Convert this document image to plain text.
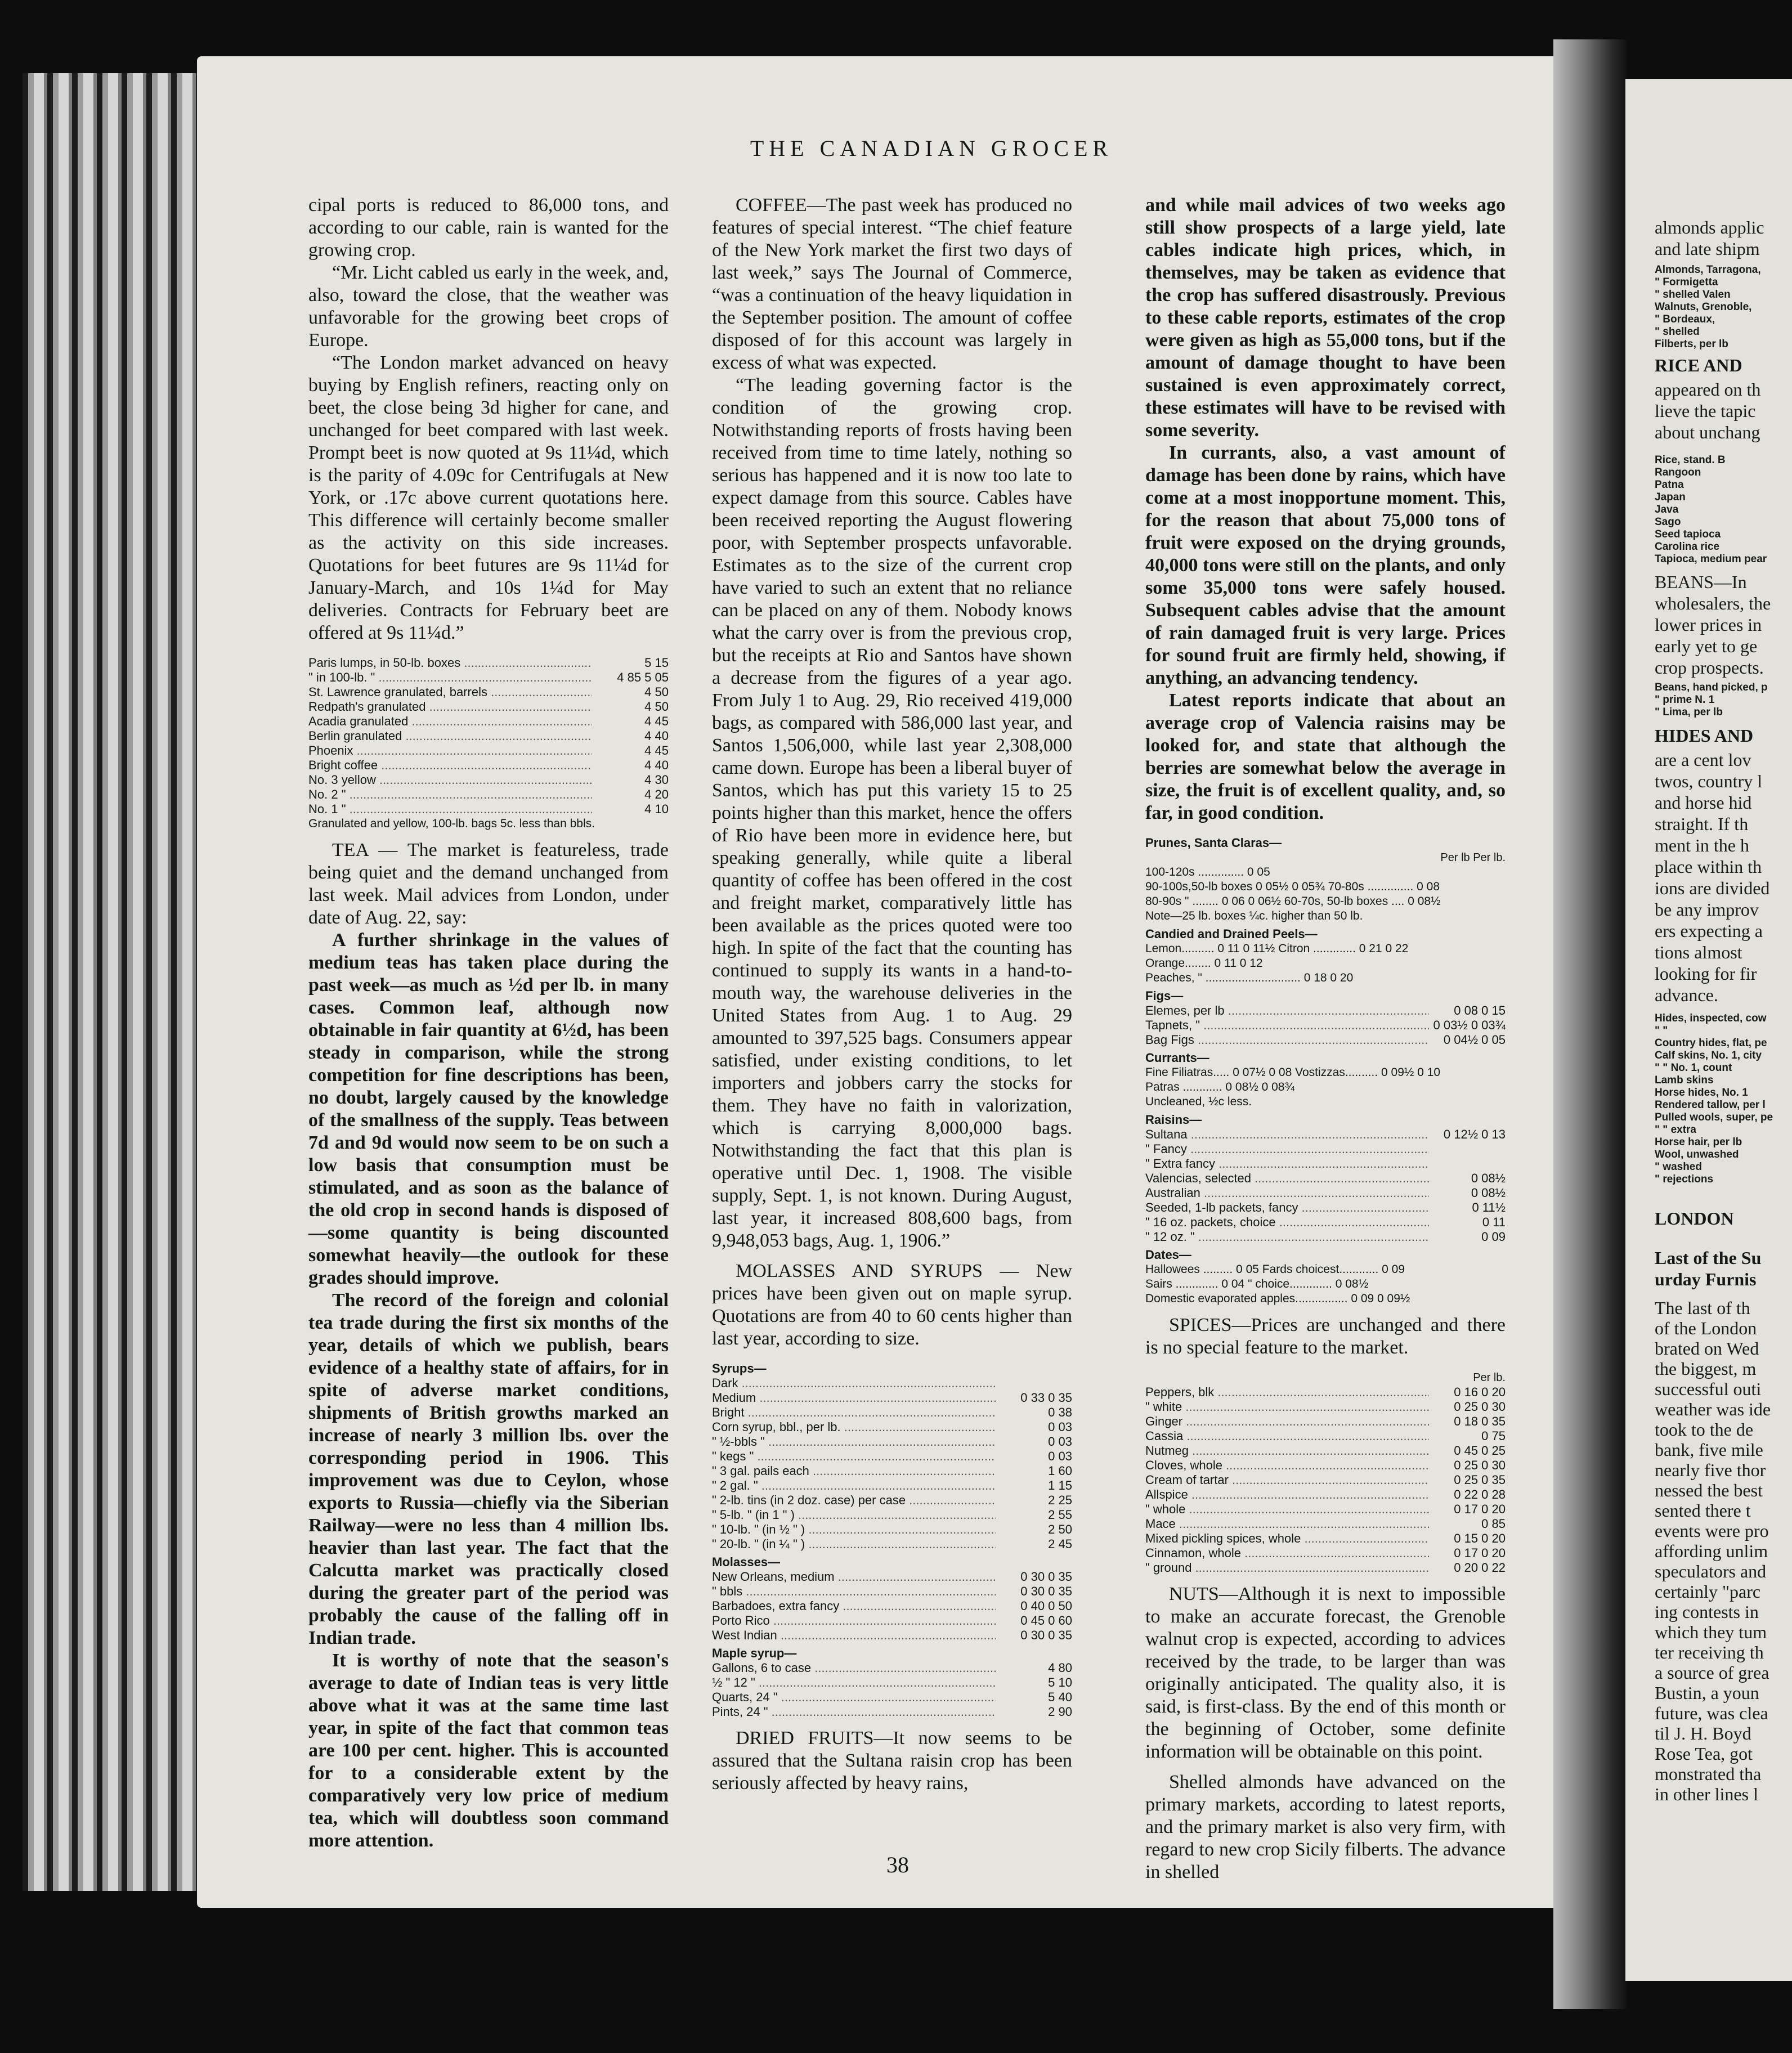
THE CANADIAN GROCER

cipal ports is reduced to 86,000 tons, and according to our cable, rain is wanted for the growing crop.

“Mr. Licht cabled us early in the week, and, also, toward the close, that the weather was unfavorable for the growing beet crops of Europe.

“The London market advanced on heavy buying by English refiners, reacting only on beet, the close being 3d higher for cane, and unchanged for beet compared with last week. Prompt beet is now quoted at 9s 11¼d, which is the parity of 4.09c for Centrifugals at New York, or .17c above current quotations here. This difference will certainly become smaller as the activity on this side increases. Quotations for beet futures are 9s 11¼d for January-March, and 10s 1¼d for May deliveries. Contracts for February beet are offered at 9s 11¼d.”

Paris lumps, in 50-lb. boxes .....	5 15
" in 100-lb. " .....	4 85 5 05
St. Lawrence granulated, barrels .....	4 50
Redpath's granulated .....	4 50
Acadia granulated .....	4 45
Berlin granulated .....	4 40
Phoenix .....	4 45
Bright coffee .....	4 40
No. 3 yellow .....	4 30
No. 2 " .....	4 20
No. 1 " .....	4 10
Granulated and yellow, 100-lb. bags 5c. less than bbls.

TEA — The market is featureless, trade being quiet and the demand unchanged from last week. Mail advices from London, under date of Aug. 22, say:

A further shrinkage in the values of medium teas has taken place during the past week—as much as ½d per lb. in many cases. Common leaf, although now obtainable in fair quantity at 6½d, has been steady in comparison, while the strong competition for fine descriptions has been, no doubt, largely caused by the knowledge of the smallness of the supply. Teas between 7d and 9d would now seem to be on such a low basis that consumption must be stimulated, and as soon as the balance of the old crop in second hands is disposed of—some quantity is being discounted somewhat heavily—the outlook for these grades should improve.

The record of the foreign and colonial tea trade during the first six months of the year, details of which we publish, bears evidence of a healthy state of affairs, for in spite of adverse market conditions, shipments of British growths marked an increase of nearly 3 million lbs. over the corresponding period in 1906. This improvement was due to Ceylon, whose exports to Russia—chiefly via the Siberian Railway—were no less than 4 million lbs. heavier than last year. The fact that the Calcutta market was practically closed during the greater part of the period was probably the cause of the falling off in Indian trade.

It is worthy of note that the season's average to date of Indian teas is very little above what it was at the same time last year, in spite of the fact that common teas are 100 per cent. higher. This is accounted for to a considerable extent by the comparatively very low price of medium tea, which will doubtless soon command more attention.

COFFEE—The past week has produced no features of special interest. “The chief feature of the New York market the first two days of last week,” says The Journal of Commerce, “was a continuation of the heavy liquidation in the September position. The amount of coffee disposed of for this account was largely in excess of what was expected.

“The leading governing factor is the condition of the growing crop. Notwithstanding reports of frosts having been received from time to time lately, nothing so serious has happened and it is now too late to expect damage from this source. Cables have been received reporting the August flowering poor, with September prospects unfavorable. Estimates as to the size of the current crop have varied to such an extent that no reliance can be placed on any of them. Nobody knows what the carry over is from the previous crop, but the receipts at Rio and Santos have shown a decrease from the figures of a year ago. From July 1 to Aug. 29, Rio received 419,000 bags, as compared with 586,000 last year, and Santos 1,506,000, while last year 2,308,000 came down. Europe has been a liberal buyer of Santos, which has put this variety 15 to 25 points higher than this market, hence the offers of Rio have been more in evidence here, but speaking generally, while quite a liberal quantity of coffee has been offered in the cost and freight market, comparatively little has been available as the prices quoted were too high. In spite of the fact that the counting has continued to supply its wants in a hand-to-mouth way, the warehouse deliveries in the United States from Aug. 1 to Aug. 29 amounted to 397,525 bags. Consumers appear satisfied, under existing conditions, to let importers and jobbers carry the stocks for them. They have no faith in valorization, which is carrying 8,000,000 bags. Notwithstanding the fact that this plan is operative until Dec. 1, 1908. The visible supply, Sept. 1, is not known. During August, last year, it increased 808,600 bags, from 9,948,053 bags, Aug. 1, 1906.”

MOLASSES AND SYRUPS — New prices have been given out on maple syrup. Quotations are from 40 to 60 cents higher than last year, according to size.

Syrups—
Dark .....
Medium .....	0 33 0 35
Bright .....	0 38
Corn syrup, bbl., per lb. .....	0 03
" ½-bbls " .....	0 03
" kegs " .....	0 03
" 3 gal. pails each .....	1 60
" 2 gal. " .....	1 15
" 2-lb. tins (in 2 doz. case) per case .....	2 25
" 5-lb. " (in 1 " ) .....	2 55
" 10-lb. " (in ½ " ) .....	2 50
" 20-lb. " (in ¼ " ) .....	2 45
Molasses—
New Orleans, medium .....	0 30 0 35
" bbls .....	0 30 0 35
Barbadoes, extra fancy .....	0 40 0 50
Porto Rico .....	0 45 0 60
West Indian .....	0 30 0 35
Maple syrup—
Gallons, 6 to case .....	4 80
½ " 12 " .....	5 10
Quarts, 24 " .....	5 40
Pints, 24 " .....	2 90

DRIED FRUITS—It now seems to be assured that the Sultana raisin crop has been seriously affected by heavy rains,

and while mail advices of two weeks ago still show prospects of a large yield, late cables indicate high prices, which, in themselves, may be taken as evidence that the crop has suffered disastrously. Previous to these cable reports, estimates of the crop were given as high as 55,000 tons, but if the amount of damage thought to have been sustained is even approximately correct, these estimates will have to be revised with some severity.

In currants, also, a vast amount of damage has been done by rains, which have come at a most inopportune moment. This, for the reason that about 75,000 tons of fruit were exposed on the drying grounds, 40,000 tons were still on the plants, and only some 35,000 tons were safely housed. Subsequent cables advise that the amount of rain damaged fruit is very large. Prices for sound fruit are firmly held, showing, if anything, an advancing tendency.

Latest reports indicate that about an average crop of Valencia raisins may be looked for, and state that although the berries are somewhat below the average in size, the fruit is of excellent quality, and, so far, in good condition.

Prunes, Santa Claras—
Per lb Per lb.
100-120s .............. 0 05
90-100s,50-lb boxes 0 05½ 0 05¾ 70-80s .............. 0 08
80-90s " ........ 0 06 0 06½ 60-70s, 50-lb boxes .... 0 08½
Note—25 lb. boxes ¼c. higher than 50 lb.
Candied and Drained Peels—
Lemon.......... 0 11 0 11½ Citron ............. 0 21 0 22
Orange........ 0 11 0 12
Peaches, " ............................. 0 18 0 20
Figs—
Elemes, per lb .....	0 08 0 15
Tapnets, " .....	0 03½ 0 03¾
Bag Figs .....	0 04½ 0 05
Currants—
Fine Filiatras..... 0 07½ 0 08 Vostizzas.......... 0 09½ 0 10
Patras ............ 0 08½ 0 08¾
Uncleaned, ½c less.
Raisins—
Sultana .....	0 12½ 0 13
" Fancy .....
" Extra fancy .....
Valencias, selected .....	0 08½
Australian .....	0 08½
Seeded, 1-lb packets, fancy .....	0 11½
" 16 oz. packets, choice .....	0 11
" 12 oz. " .....	0 09
Dates—
Hallowees ......... 0 05 Fards choicest............ 0 09
Sairs ............. 0 04 " choice............. 0 08½
Domestic evaporated apples................ 0 09 0 09½

SPICES—Prices are unchanged and there is no special feature to the market.

Per lb.
Peppers, blk .....	0 16 0 20
" white .....	0 25 0 30
Ginger .....	0 18 0 35
Cassia .....	0 75
Nutmeg .....	0 45 0 25
Cloves, whole .....	0 25 0 30
Cream of tartar .....	0 25 0 35
Allspice .....	0 22 0 28
" whole .....	0 17 0 20
Mace .....	0 85
Mixed pickling spices, whole .....	0 15 0 20
Cinnamon, whole .....	0 17 0 20
" ground .....	0 20 0 22

NUTS—Although it is next to impossible to make an accurate forecast, the Grenoble walnut crop is expected, according to advices received by the trade, to be larger than was originally anticipated. The quality also, it is said, is first-class. By the end of this month or the beginning of October, some definite information will be obtainable on this point.

Shelled almonds have advanced on the primary markets, according to latest reports, and the primary market is also very firm, with regard to new crop Sicily filberts. The advance in shelled

38
almonds applic
and late shipm
Almonds, Tarragona,
" Formigetta
" shelled Valen
Walnuts, Grenoble,
" Bordeaux,
" shelled
Filberts, per lb
RICE AND
appeared on th
lieve the tapic
about unchang
Rice, stand. B
Rangoon
Patna
Japan
Java
Sago
Seed tapioca
Carolina rice
Tapioca, medium pear
BEANS—In
wholesalers, the
lower prices in
early yet to ge
crop prospects.
Beans, hand picked, p
" prime N. 1
" Lima, per lb
HIDES AND
are a cent lov
twos, country l
and horse hid
straight. If th
ment in the h
place within th
ions are divided
be any improv
ers expecting a
tions almost
looking for fir
advance.
Hides, inspected, cow
" "
Country hides, flat, pe
Calf skins, No. 1, city
" " No. 1, count
Lamb skins
Horse hides, No. 1
Rendered tallow, per l
Pulled wools, super, pe
" " extra
Horse hair, per lb
Wool, unwashed
" washed
" rejections
LONDON
Last of the Su
urday Furnis
The last of th
of the London
brated on Wed
the biggest, m
successful outi
weather was ide
took to the de
bank, five mile
nearly five thor
nessed the best
sented there t
events were pro
affording unlim
speculators and
certainly "parc
ing contests in
which they tum
ter receiving th
a source of grea
Bustin, a youn
future, was clea
til J. H. Boyd
Rose Tea, got
monstrated tha
in other lines l
